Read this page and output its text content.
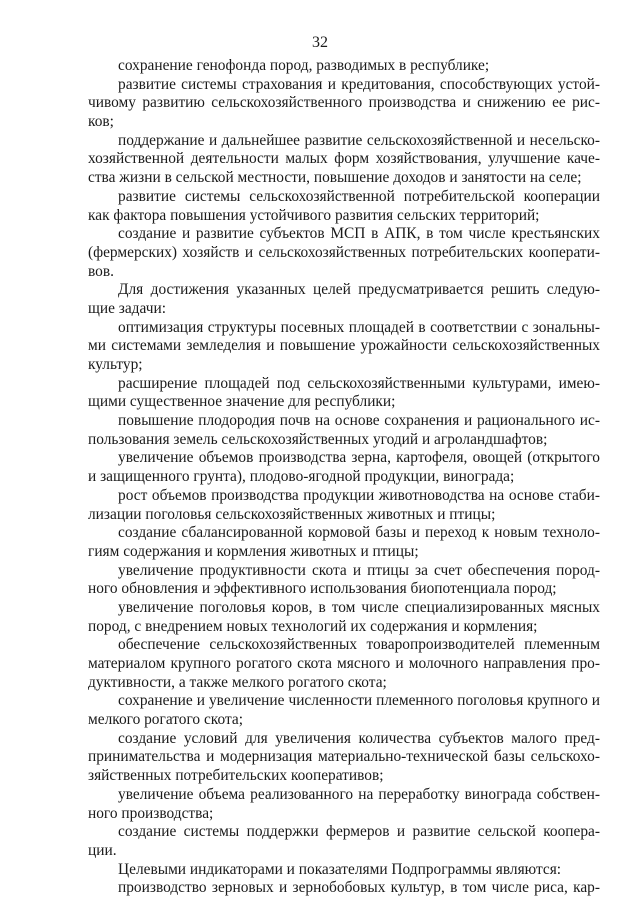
32
сохранение генофонда пород, разводимых в республике;
развитие системы страхования и кредитования, способствующих устой-
чивому развитию сельскохозяйственного производства и снижению ее рис-
ков;
поддержание и дальнейшее развитие сельскохозяйственной и несельско-
хозяйственной деятельности малых форм хозяйствования, улучшение каче-
ства жизни в сельской местности, повышение доходов и занятости на селе;
развитие системы сельскохозяйственной потребительской кооперации
как фактора повышения устойчивого развития сельских территорий;
создание и развитие субъектов МСП в АПК, в том числе крестьянских
(фермерских) хозяйств и сельскохозяйственных потребительских кооперати-
вов.
Для достижения указанных целей предусматривается решить следую-
щие задачи:
оптимизация структуры посевных площадей в соответствии с зональны-
ми системами земледелия и повышение урожайности сельскохозяйственных
культур;
расширение площадей под сельскохозяйственными культурами, имею-
щими существенное значение для республики;
повышение плодородия почв на основе сохранения и рационального ис-
пользования земель сельскохозяйственных угодий и агроландшафтов;
увеличение объемов производства зерна, картофеля, овощей (открытого
и защищенного грунта), плодово-ягодной продукции, винограда;
рост объемов производства продукции животноводства на основе стаби-
лизации поголовья сельскохозяйственных животных и птицы;
создание сбалансированной кормовой базы и переход к новым техноло-
гиям содержания и кормления животных и птицы;
увеличение продуктивности скота и птицы за счет обеспечения пород-
ного обновления и эффективного использования биопотенциала пород;
увеличение поголовья коров, в том числе специализированных мясных
пород, с внедрением новых технологий их содержания и кормления;
обеспечение сельскохозяйственных товаропроизводителей племенным
материалом крупного рогатого скота мясного и молочного направления про-
дуктивности, а также мелкого рогатого скота;
сохранение и увеличение численности племенного поголовья крупного и
мелкого рогатого скота;
создание условий для увеличения количества субъектов малого пред-
принимательства и модернизация материально-технической базы сельскохо-
зяйственных потребительских кооперативов;
увеличение объема реализованного на переработку винограда собствен-
ного производства;
создание системы поддержки фермеров и развитие сельской коопера-
ции.
Целевыми индикаторами и показателями Подпрограммы являются:
производство зерновых и зернобобовых культур, в том числе риса, кар-
